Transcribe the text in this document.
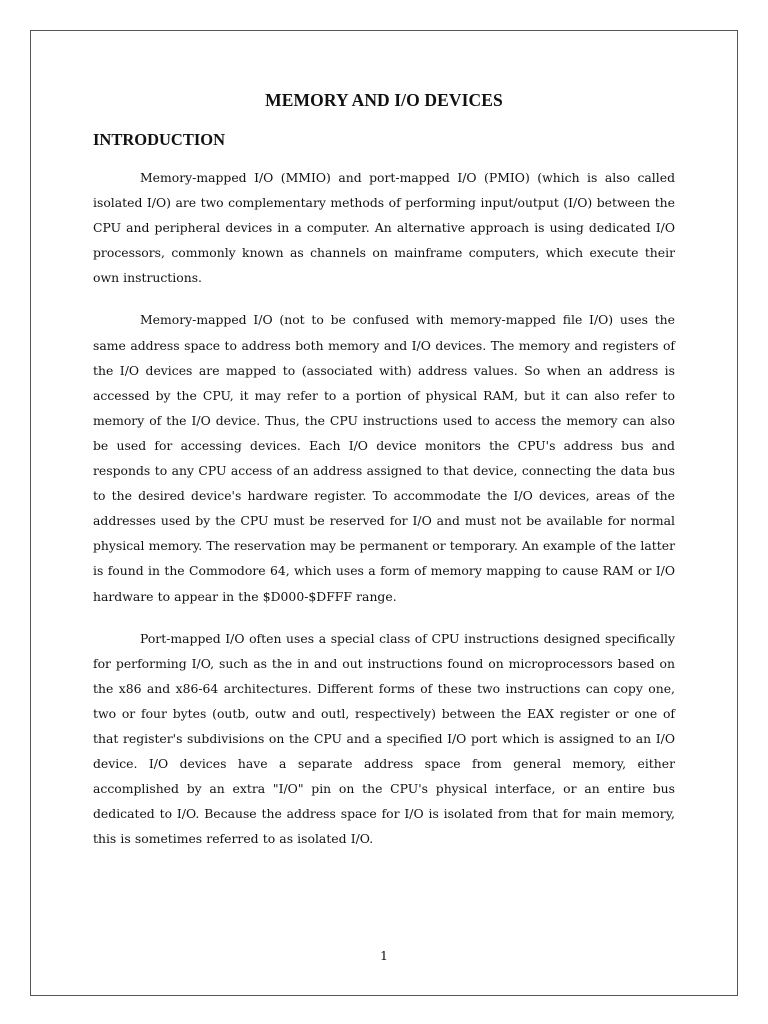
MEMORY AND I/O DEVICES
INTRODUCTION

Memory-mapped I/O (MMIO) and port-mapped I/O (PMIO) (which is also called isolated I/O) are two complementary methods of performing input/output (I/O) between the CPU and peripheral devices in a computer. An alternative approach is using dedicated I/O processors, commonly known as channels on mainframe computers, which execute their own instructions.

Memory-mapped I/O (not to be confused with memory-mapped file I/O) uses the same address space to address both memory and I/O devices. The memory and registers of the I/O devices are mapped to (associated with) address values. So when an address is accessed by the CPU, it may refer to a portion of physical RAM, but it can also refer to memory of the I/O device. Thus, the CPU instructions used to access the memory can also be used for accessing devices. Each I/O device monitors the CPU's address bus and responds to any CPU access of an address assigned to that device, connecting the data bus to the desired device's hardware register. To accommodate the I/O devices, areas of the addresses used by the CPU must be reserved for I/O and must not be available for normal physical memory. The reservation may be permanent or temporary. An example of the latter is found in the Commodore 64, which uses a form of memory mapping to cause RAM or I/O hardware to appear in the $D000-$DFFF range.

Port-mapped I/O often uses a special class of CPU instructions designed specifically for performing I/O, such as the in and out instructions found on microprocessors based on the x86 and x86-64 architectures. Different forms of these two instructions can copy one, two or four bytes (outb, outw and outl, respectively) between the EAX register or one of that register's subdivisions on the CPU and a specified I/O port which is assigned to an I/O device. I/O devices have a separate address space from general memory, either accomplished by an extra "I/O" pin on the CPU's physical interface, or an entire bus dedicated to I/O. Because the address space for I/O is isolated from that for main memory, this is sometimes referred to as isolated I/O.

1
